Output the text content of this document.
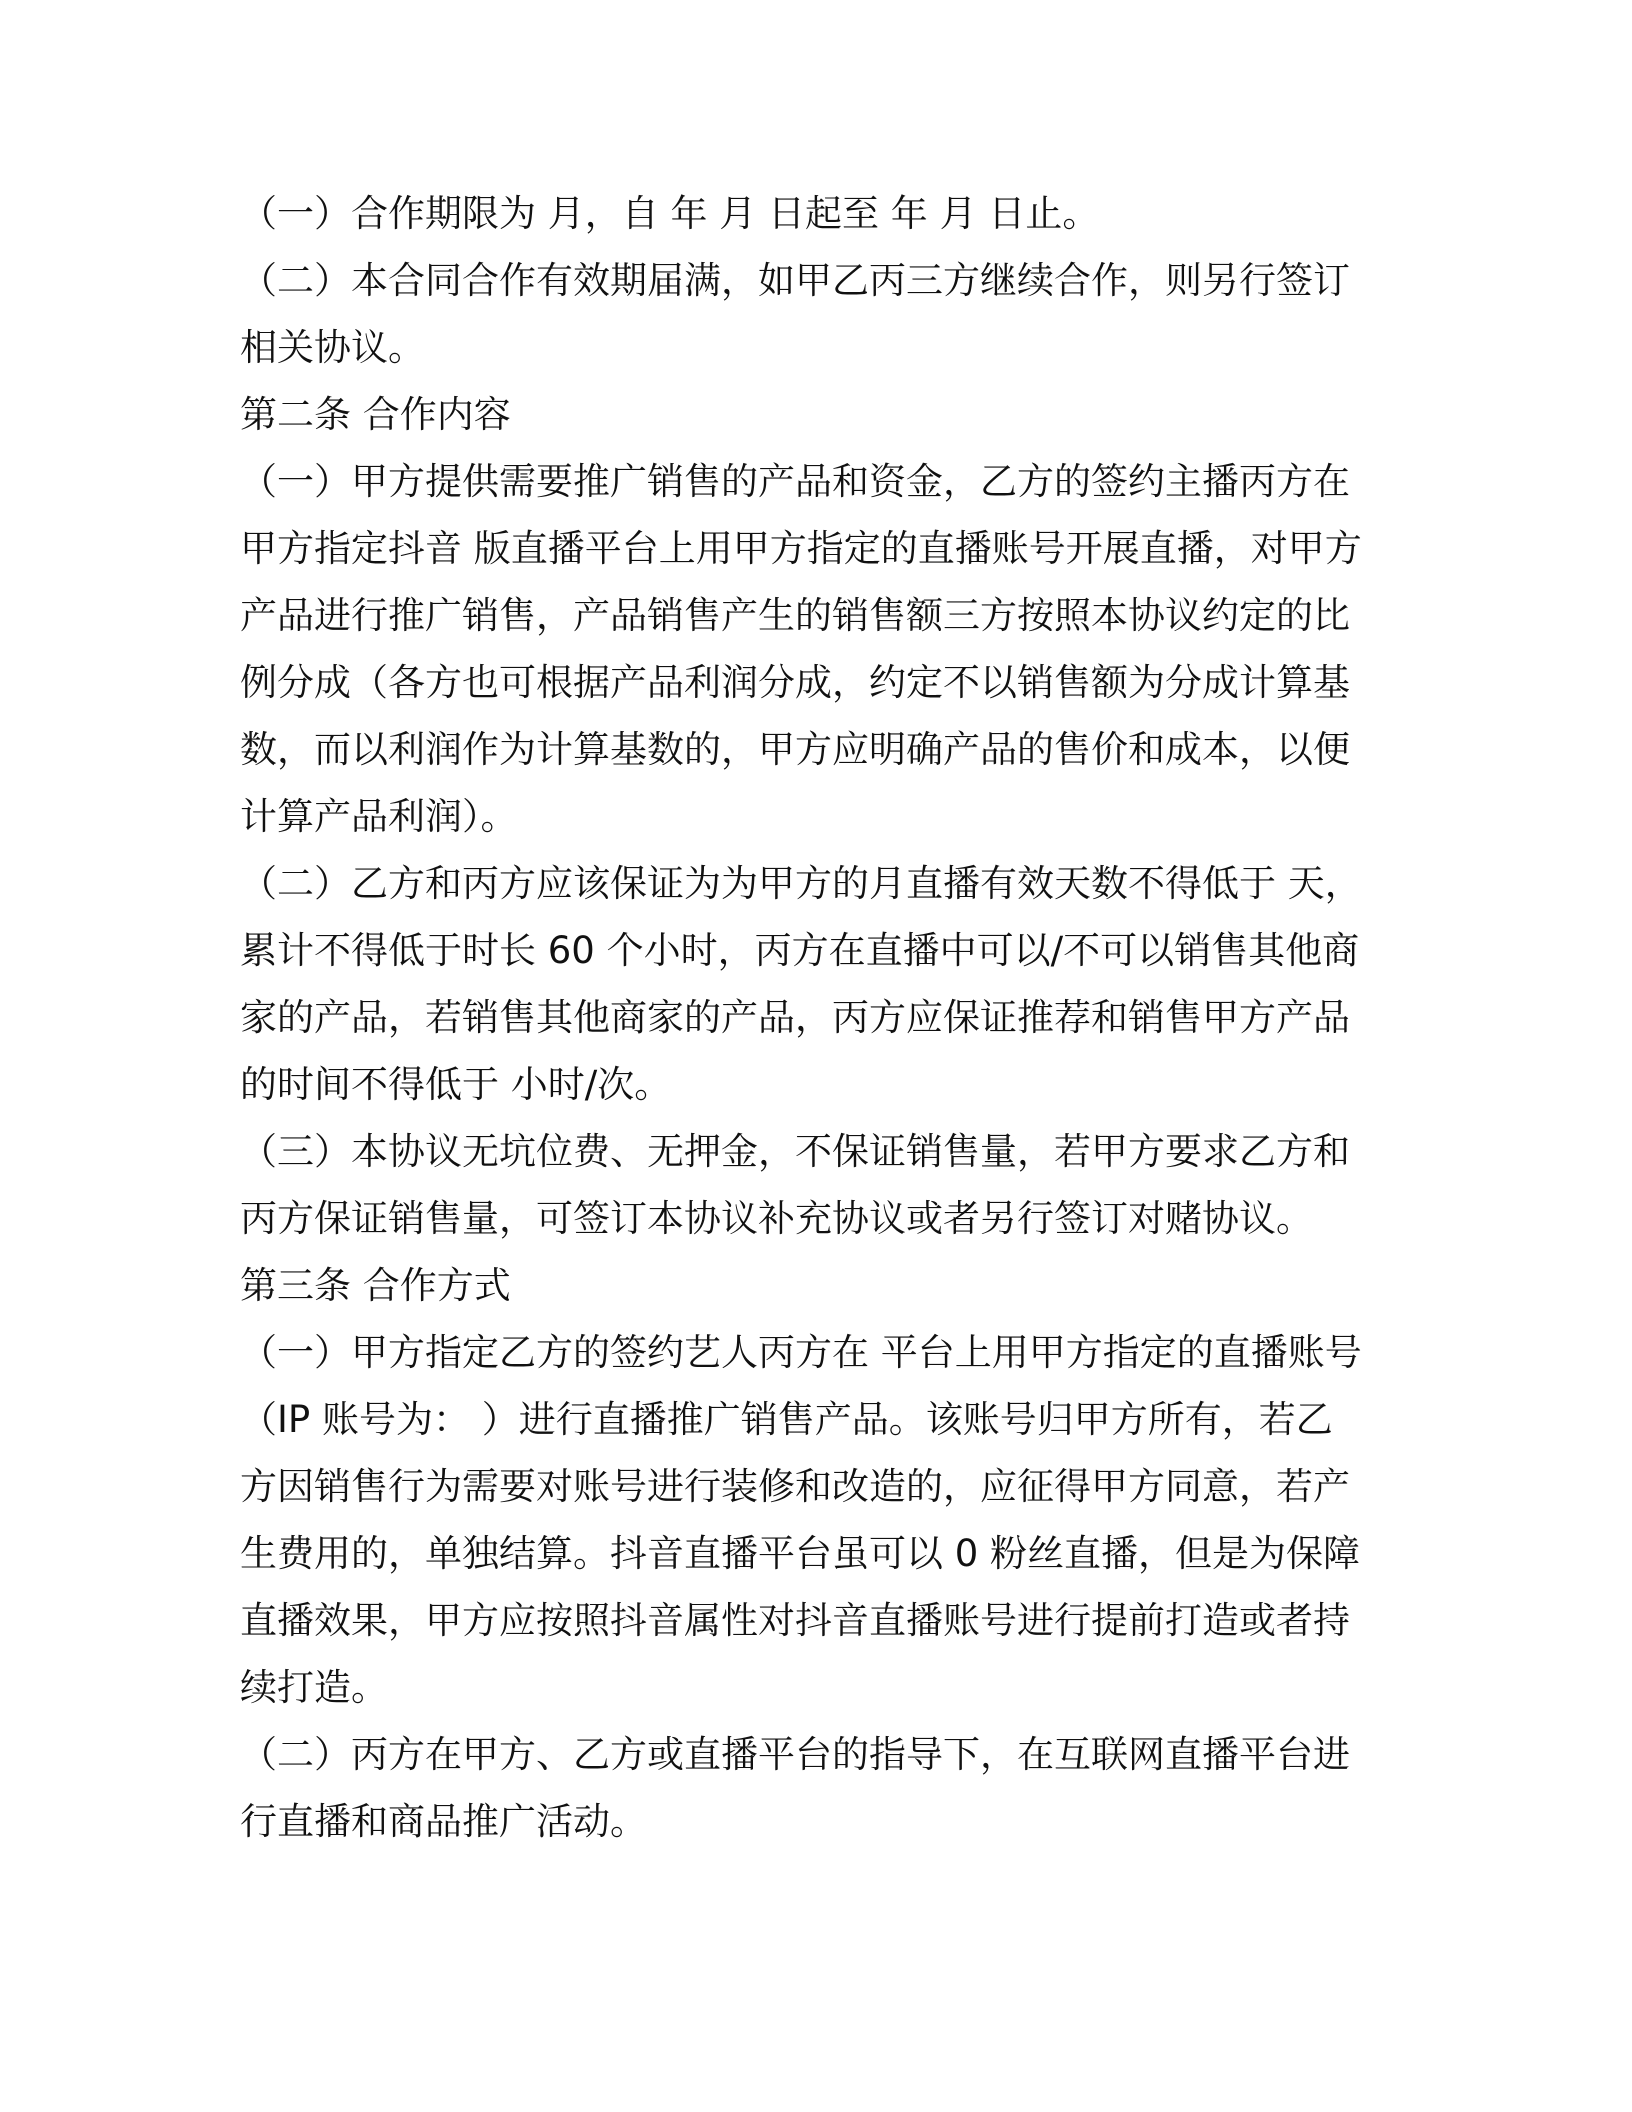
（一）合作期限为 月，自 年 月 日起至 年 月 日止。
（二）本合同合作有效期届满，如甲乙丙三方继续合作，则另行签订
相关协议。
第二条 合作内容
（一）甲方提供需要推广销售的产品和资金，乙方的签约主播丙方在
甲方指定抖音 版直播平台上用甲方指定的直播账号开展直播，对甲方
产品进行推广销售，产品销售产生的销售额三方按照本协议约定的比
例分成（各方也可根据产品利润分成，约定不以销售额为分成计算基
数，而以利润作为计算基数的，甲方应明确产品的售价和成本，以便
计算产品利润）。
（二）乙方和丙方应该保证为为甲方的月直播有效天数不得低于 天，
累计不得低于时长 60 个小时，丙方在直播中可以/不可以销售其他商
家的产品，若销售其他商家的产品，丙方应保证推荐和销售甲方产品
的时间不得低于 小时/次。
（三）本协议无坑位费、无押金，不保证销售量，若甲方要求乙方和
丙方保证销售量，可签订本协议补充协议或者另行签订对赌协议。
第三条 合作方式
（一）甲方指定乙方的签约艺人丙方在 平台上用甲方指定的直播账号
（IP 账号为： ）进行直播推广销售产品。该账号归甲方所有，若乙
方因销售行为需要对账号进行装修和改造的，应征得甲方同意，若产
生费用的，单独结算。抖音直播平台虽可以 0 粉丝直播，但是为保障
直播效果，甲方应按照抖音属性对抖音直播账号进行提前打造或者持
续打造。
（二）丙方在甲方、乙方或直播平台的指导下，在互联网直播平台进
行直播和商品推广活动。
